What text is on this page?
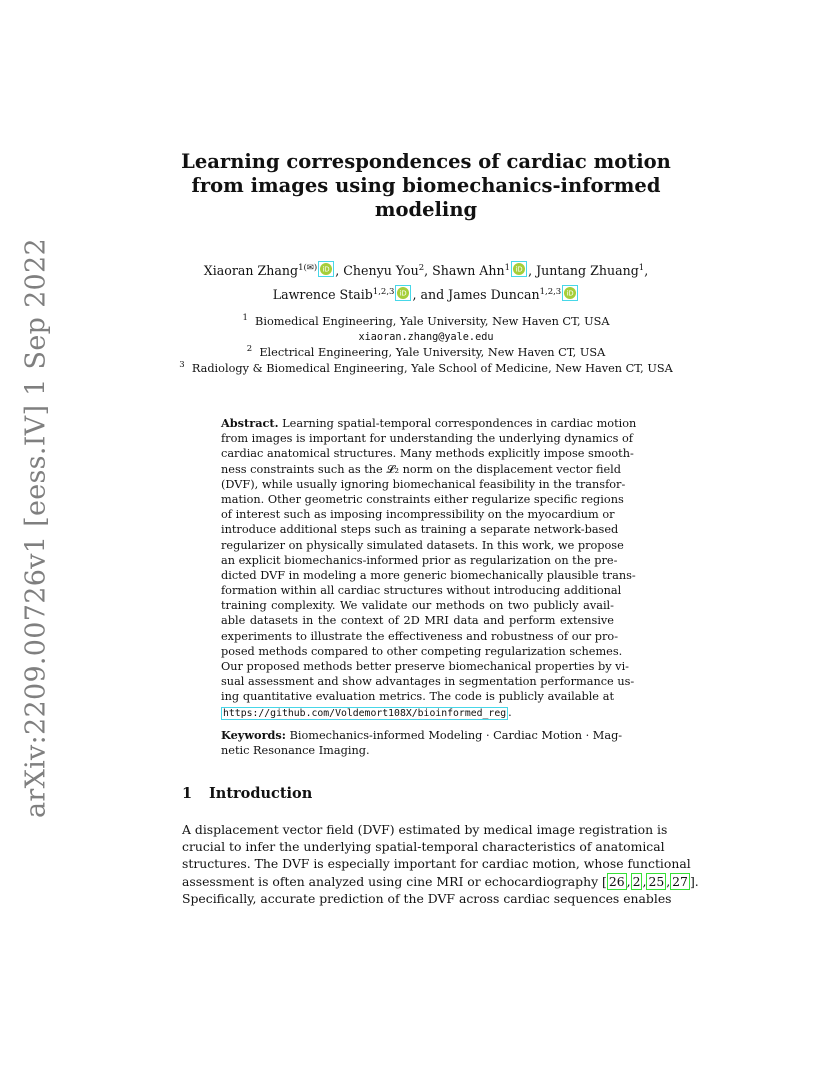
arXiv:2209.00726v1 [eess.IV] 1 Sep 2022
Learning correspondences of cardiac motion
from images using biomechanics-informed
modeling
Xiaoran Zhang$^{1(✉)}$ iD , Chenyu You$^2$, Shawn Ahn$^1$ iD , Juntang Zhuang$^1$,
Lawrence Staib$^{1,2,3}$ iD , and James Duncan$^{1,2,3}$ iD
$^1$ Biomedical Engineering, Yale University, New Haven CT, USA
xiaoran.zhang@yale.edu
$^2$ Electrical Engineering, Yale University, New Haven CT, USA
$^3$ Radiology & Biomedical Engineering, Yale School of Medicine, New Haven CT, USA
Abstract. Learning spatial-temporal correspondences in cardiac motion
from images is important for understanding the underlying dynamics of
cardiac anatomical structures. Many methods explicitly impose smooth-
ness constraints such as the 𝓛₂ norm on the displacement vector field
(DVF), while usually ignoring biomechanical feasibility in the transfor-
mation. Other geometric constraints either regularize specific regions
of interest such as imposing incompressibility on the myocardium or
introduce additional steps such as training a separate network-based
regularizer on physically simulated datasets. In this work, we propose
an explicit biomechanics-informed prior as regularization on the pre-
dicted DVF in modeling a more generic biomechanically plausible trans-
formation within all cardiac structures without introducing additional
training complexity. We validate our methods on two publicly avail-
able datasets in the context of 2D MRI data and perform extensive
experiments to illustrate the effectiveness and robustness of our pro-
posed methods compared to other competing regularization schemes.
Our proposed methods better preserve biomechanical properties by vi-
sual assessment and show advantages in segmentation performance us-
ing quantitative evaluation metrics. The code is publicly available at
https://github.com/Voldemort108X/bioinformed_reg .
Keywords: Biomechanics-informed Modeling · Cardiac Motion · Mag-
netic Resonance Imaging.
1 Introduction
A displacement vector field (DVF) estimated by medical image registration is
crucial to infer the underlying spatial-temporal characteristics of anatomical
structures. The DVF is especially important for cardiac motion, whose functional
assessment is often analyzed using cine MRI or echocardiography [ 26 , 2 , 25 , 27 ].
Specifically, accurate prediction of the DVF across cardiac sequences enables
